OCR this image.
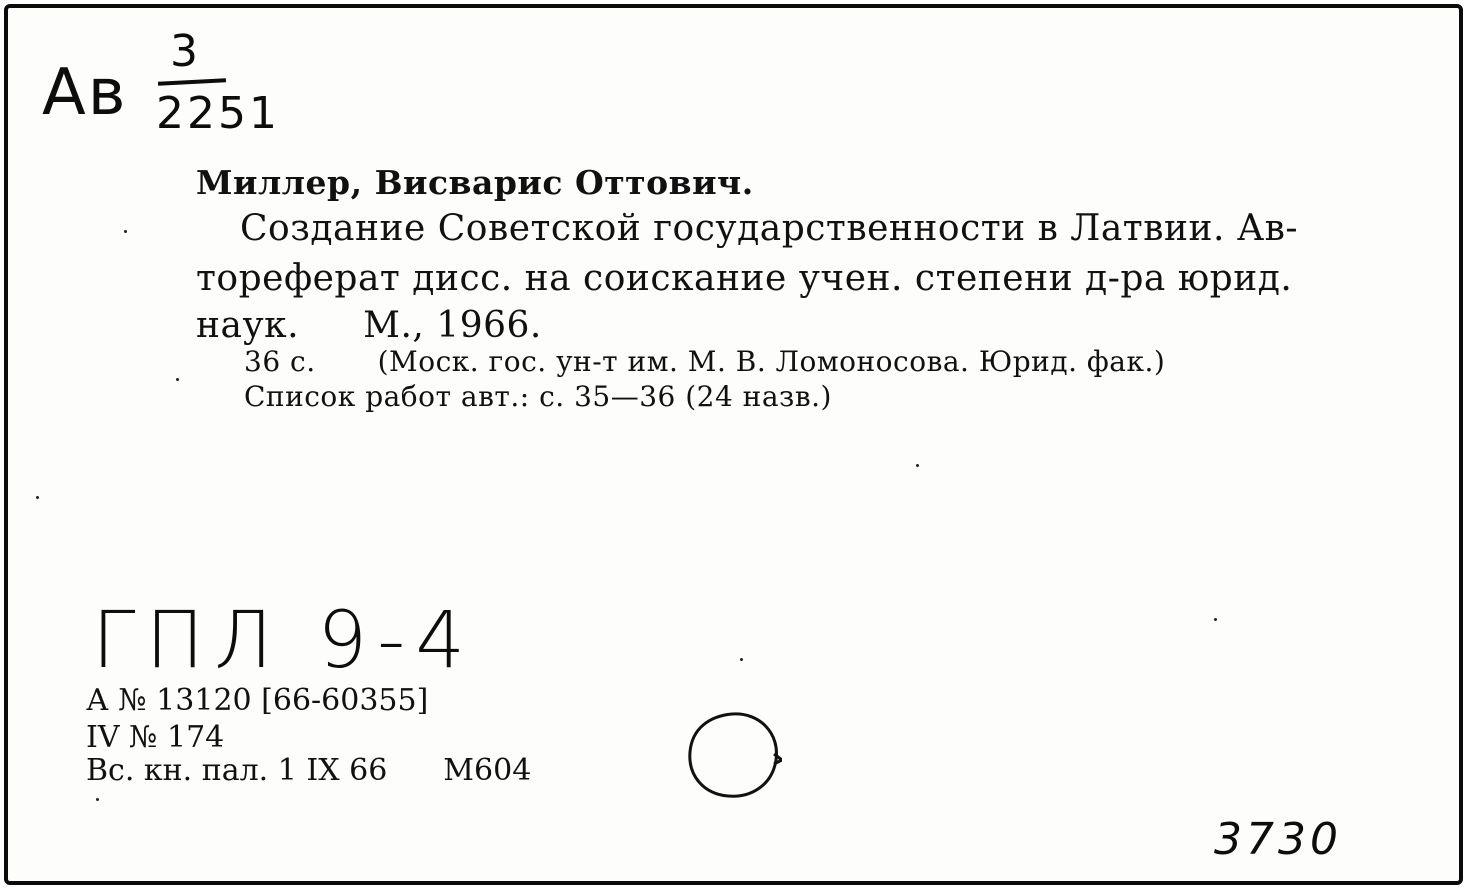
Ав
3
2251
Миллер, Висварис Оттович.
Создание Советской государственности в Латвии. Ав-
тореферат дисс. на соискание учен. степени д-ра юрид.
наук. М., 1966.
36 с. (Моск. гос. ун-т им. М. В. Ломоносова. Юрид. фак.)
Список работ авт.: с. 35—36 (24 назв.)
ГПЛ 9-4
А № 13120 [66-60355]
IV № 174
Вс. кн. пал. 1 IX 66 М604
3730
